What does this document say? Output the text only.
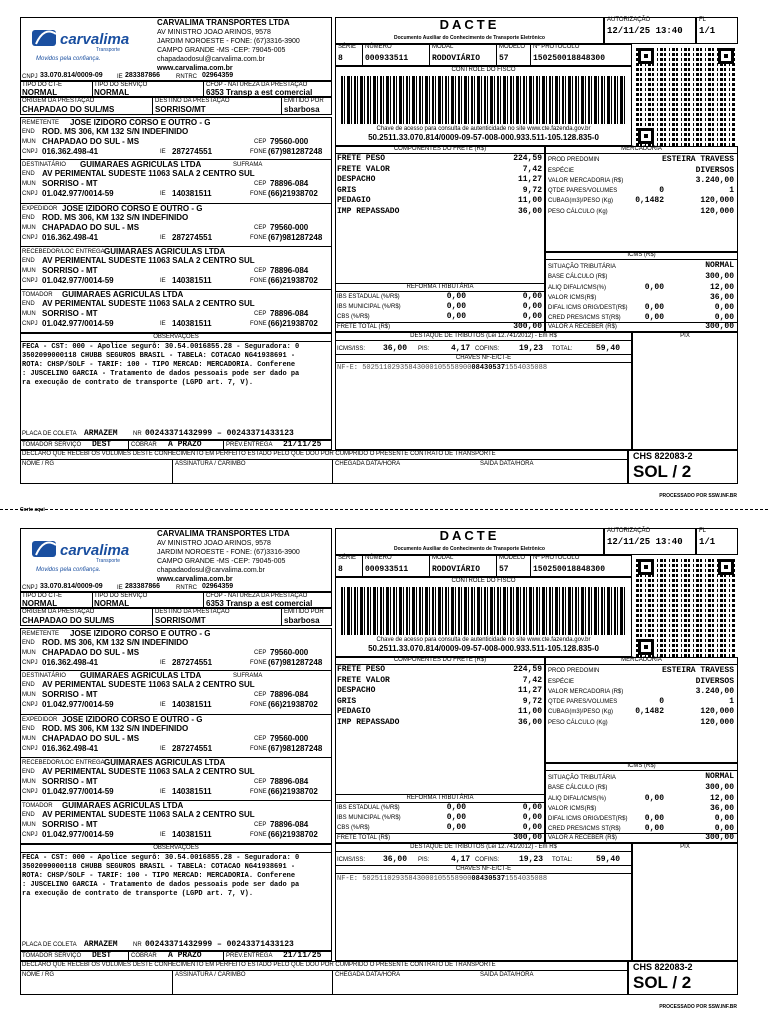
carvalima
Transporte
Movidos pela confiança.
CARVALIMA TRANSPORTES LTDA
AV MINISTRO JOAO ARINOS, 9578
JARDIM NOROESTE - FONE: (67)3316-3900
CAMPO GRANDE -MS -CEP: 79045-005
chapadaodosul@carvalima.com.br
www.carvalima.com.br
CNPJ 33.070.814/0009-09 IE 283387866	RNTRC 02964359
DACTE
Documento Auxiliar do Conhecimento de Transporte Eletrônico
AUTORIZAÇÃO
12/11/25 13:40
FL
1/1
SÉRIE
8
NÚMERO
000933511
MODAL
RODOVIÁRIO
MODELO
57
Nº PROTOCOLO
150250018848300
CONTROLE DO FISCO
Chave de acesso para consulta de autenticidade no site www.cte.fazenda.gov.br
50.2511.33.070.814/0009-09-57-008-000.933.511-105.128.835-0
TIPO DO CT-E
NORMAL
TIPO DO SERVIÇO
NORMAL
CFOP - NATUREZA DA PRESTAÇÃO
6353 Transp a est comercial
ORIGEM DA PRESTAÇÃO
CHAPADAO DO SUL/MS
DESTINO DA PRESTAÇÃO
SORRISO/MT
EMITIDO POR
sbarbosa
REMETENTE JOSE IZIDORO CORSO E OUTRO - G
END ROD. MS 306, KM 132 S/N INDEFINIDO
MUN CHAPADAO DO SUL - MS	CEP 79560-000
CNPJ 016.362.498-41	IE 287274551	FONE (67)981287248
DESTINATÁRIO GUIMARAES AGRICULAS LTDA	SUFRAMA
END AV PERIMENTAL SUDESTE 11063 SALA 2 CENTRO SUL
MUN SORRISO - MT	CEP 78896-084
CNPJ 01.042.977/0014-59	IE 140381511	FONE (66)21938702
EXPEDIDOR JOSE IZIDORO CORSO E OUTRO - G
END ROD. MS 306, KM 132 S/N INDEFINIDO
MUN CHAPADAO DO SUL - MS	CEP 79560-000
CNPJ 016.362.498-41	IE 287274551	FONE (67)981287248
RECEBEDOR/LOC ENTREGA GUIMARAES AGRICULAS LTDA
END AV PERIMENTAL SUDESTE 11063 SALA 2 CENTRO SUL
MUN SORRISO - MT	CEP 78896-084
CNPJ 01.042.977/0014-59	IE 140381511	FONE (66)21938702
TOMADOR GUIMARAES AGRICULAS LTDA
END AV PERIMENTAL SUDESTE 11063 SALA 2 CENTRO SUL
MUN SORRISO - MT	CEP 78896-084
CNPJ 01.042.977/0014-59	IE 140381511	FONE (66)21938702
COMPONENTES DO FRETE (R$)
FRETE PESO	224,59
FRETE VALOR	7,42
DESPACHO	11,27
GRIS	9,72
PEDAGIO	11,00
IMP REPASSADO	36,00
MERCADORIA
PROD PREDOMIN	ESTEIRA TRAVESS
ESPÉCIE	DIVERSOS
VALOR MERCADORIA (R$)	3.240,00
QTDE PARES/VOLUMES	0	1
CUBAG(m3)/PESO (Kg)	0,1482	120,000
PESO CÁLCULO (Kg)	120,000
ICMS (R$)
SITUAÇÃO TRIBUTÁRIA	NORMAL
BASE CÁLCULO (R$)	300,00
ALIQ DIFAL/ICMS(%)	0,00	12,00
VALOR ICMS(R$)	36,00
DIFAL ICMS ORIG/DEST(R$)	0,00	0,00
CRED PRES/ICMS ST(R$)	0,00	0,00
VALOR A RECEBER (R$)	300,00
REFORMA TRIBUTÁRIA
IBS ESTADUAL (%/R$)	0,00	0,00
IBS MUNICIPAL (%/R$)	0,00	0,00
CBS (%/R$)	0,00	0,00
FRETE TOTAL (R$)	300,00
OBSERVAÇÕES
FECA - CST: 000 - Apolice segurô: 30.54.0016855.28 - Seguradora: 0
3502099000118 CHUBB SEGUROS BRASIL - TABELA: COTACAO NG41938691 -
ROTA: CHSP/SOLF - TARIF: 100 - TIPO MERCAD: MERCADORIA. Conferene
: JUSCELINO GARCIA - Tratamento de dados pessoais pode ser dado pa
ra execução de contrato de transporte (LGPD art. 7, V).
PLACA DE COLETA ARMAZEM	NR 00243371432999 – 00243371433123
TOMADOR SERVIÇO DEST	COBRAR A PRAZO	PREV.ENTREGA 21/11/25
DESTAQUE DE TRIBUTOS (Lei 12.741/2012) - Em R$
ICMS/ISS: 36,00 PIS:	4,17 COFINS: 19,23 TOTAL:	59,40
CHAVES NF-E/CT-E
NF-E: 50251102935843000105558900084305371554035088
PIX
DECLARO QUE RECEBI OS VOLUMES DESTE CONHECIMENTO EM PERFEITO ESTADO PELO QUE DOU POR CUMPRIDO O PRESENTE CONTRATO DE TRANSPORTE
NOME / RG	ASSINATURA / CARIMBO	CHEGADA DATA/HORA	SAÍDA DATA/HORA
CHS 822083-2
SOL / 2
PROCESSADO POR SSW.INF.BR
carvalima
Transporte
Movidos pela confiança.
CARVALIMA TRANSPORTES LTDA
AV MINISTRO JOAO ARINOS, 9578
JARDIM NOROESTE - FONE: (67)3316-3900
CAMPO GRANDE -MS -CEP: 79045-005
chapadaodosul@carvalima.com.br
www.carvalima.com.br
CNPJ 33.070.814/0009-09 IE 283387866	RNTRC 02964359
DACTE
Documento Auxiliar do Conhecimento de Transporte Eletrônico
AUTORIZAÇÃO
12/11/25 13:40
FL
1/1
SÉRIE
8
NÚMERO
000933511
MODAL
RODOVIÁRIO
MODELO
57
Nº PROTOCOLO
150250018848300
CONTROLE DO FISCO
Chave de acesso para consulta de autenticidade no site www.cte.fazenda.gov.br
50.2511.33.070.814/0009-09-57-008-000.933.511-105.128.835-0
TIPO DO CT-E
NORMAL
TIPO DO SERVIÇO
NORMAL
CFOP - NATUREZA DA PRESTAÇÃO
6353 Transp a est comercial
ORIGEM DA PRESTAÇÃO
CHAPADAO DO SUL/MS
DESTINO DA PRESTAÇÃO
SORRISO/MT
EMITIDO POR
sbarbosa
REMETENTE JOSE IZIDORO CORSO E OUTRO - G
END ROD. MS 306, KM 132 S/N INDEFINIDO
MUN CHAPADAO DO SUL - MS	CEP 79560-000
CNPJ 016.362.498-41	IE 287274551	FONE (67)981287248
DESTINATÁRIO GUIMARAES AGRICULAS LTDA	SUFRAMA
END AV PERIMENTAL SUDESTE 11063 SALA 2 CENTRO SUL
MUN SORRISO - MT	CEP 78896-084
CNPJ 01.042.977/0014-59	IE 140381511	FONE (66)21938702
EXPEDIDOR JOSE IZIDORO CORSO E OUTRO - G
END ROD. MS 306, KM 132 S/N INDEFINIDO
MUN CHAPADAO DO SUL - MS	CEP 79560-000
CNPJ 016.362.498-41	IE 287274551	FONE (67)981287248
RECEBEDOR/LOC ENTREGA GUIMARAES AGRICULAS LTDA
END AV PERIMENTAL SUDESTE 11063 SALA 2 CENTRO SUL
MUN SORRISO - MT	CEP 78896-084
CNPJ 01.042.977/0014-59	IE 140381511	FONE (66)21938702
TOMADOR GUIMARAES AGRICULAS LTDA
END AV PERIMENTAL SUDESTE 11063 SALA 2 CENTRO SUL
MUN SORRISO - MT	CEP 78896-084
CNPJ 01.042.977/0014-59	IE 140381511	FONE (66)21938702
COMPONENTES DO FRETE (R$)
FRETE PESO	224,59
FRETE VALOR	7,42
DESPACHO	11,27
GRIS	9,72
PEDAGIO	11,00
IMP REPASSADO	36,00
MERCADORIA
PROD PREDOMIN	ESTEIRA TRAVESS
ESPÉCIE	DIVERSOS
VALOR MERCADORIA (R$)	3.240,00
QTDE PARES/VOLUMES	0	1
CUBAG(m3)/PESO (Kg)	0,1482	120,000
PESO CÁLCULO (Kg)	120,000
ICMS (R$)
SITUAÇÃO TRIBUTÁRIA	NORMAL
BASE CÁLCULO (R$)	300,00
ALIQ DIFAL/ICMS(%)	0,00	12,00
VALOR ICMS(R$)	36,00
DIFAL ICMS ORIG/DEST(R$)	0,00	0,00
CRED PRES/ICMS ST(R$)	0,00	0,00
VALOR A RECEBER (R$)	300,00
REFORMA TRIBUTÁRIA
IBS ESTADUAL (%/R$)	0,00	0,00
IBS MUNICIPAL (%/R$)	0,00	0,00
CBS (%/R$)	0,00	0,00
FRETE TOTAL (R$)	300,00
OBSERVAÇÕES
FECA - CST: 000 - Apolice segurô: 30.54.0016855.28 - Seguradora: 0
3502099000118 CHUBB SEGUROS BRASIL - TABELA: COTACAO NG41938691 -
ROTA: CHSP/SOLF - TARIF: 100 - TIPO MERCAD: MERCADORIA. Conferene
: JUSCELINO GARCIA - Tratamento de dados pessoais pode ser dado pa
ra execução de contrato de transporte (LGPD art. 7, V).
PLACA DE COLETA ARMAZEM	NR 00243371432999 – 00243371433123
TOMADOR SERVIÇO DEST	COBRAR A PRAZO	PREV.ENTREGA 21/11/25
DESTAQUE DE TRIBUTOS (Lei 12.741/2012) - Em R$
ICMS/ISS: 36,00 PIS:	4,17 COFINS: 19,23 TOTAL:	59,40
CHAVES NF-E/CT-E
NF-E: 50251102935843000105558900084305371554035088
PIX
DECLARO QUE RECEBI OS VOLUMES DESTE CONHECIMENTO EM PERFEITO ESTADO PELO QUE DOU POR CUMPRIDO O PRESENTE CONTRATO DE TRANSPORTE
NOME / RG	ASSINATURA / CARIMBO	CHEGADA DATA/HORA	SAÍDA DATA/HORA
CHS 822083-2
SOL / 2
PROCESSADO POR SSW.INF.BR
Corte aqui
